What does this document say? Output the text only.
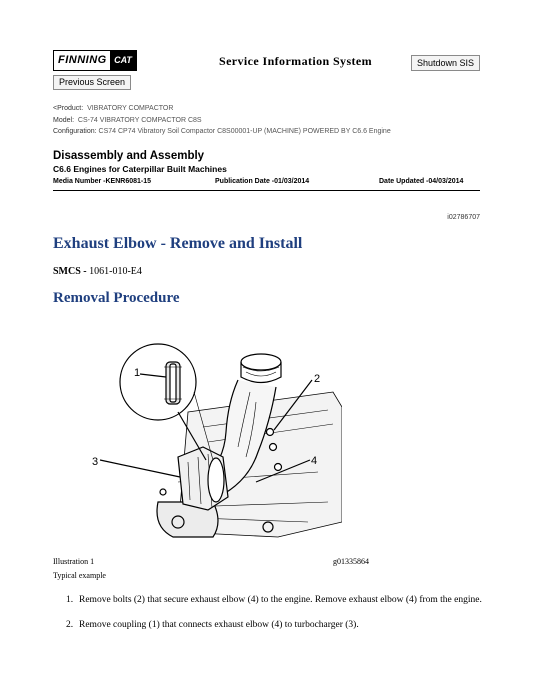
FINNING CAT	Service Information System	Shutdown SIS
Previous Screen
<Product: VIBRATORY COMPACTOR
Model: CS-74 VIBRATORY COMPACTOR C8S
Configuration: CS74 CP74 Vibratory Soil Compactor C8S00001-UP (MACHINE) POWERED BY C6.6 Engine
Disassembly and Assembly
C6.6 Engines for Caterpillar Built Machines
Media Number -KENR6081-15	Publication Date -01/03/2014	Date Updated -04/03/2014
i02786707
Exhaust Elbow - Remove and Install
SMCS - 1061-010-E4
Removal Procedure
1	2
3	4
Illustration 1	g01335864
Typical example
1. Remove bolts (2) that secure exhaust elbow (4) to the engine. Remove exhaust elbow (4) from the engine.
2. Remove coupling (1) that connects exhaust elbow (4) to turbocharger (3).
